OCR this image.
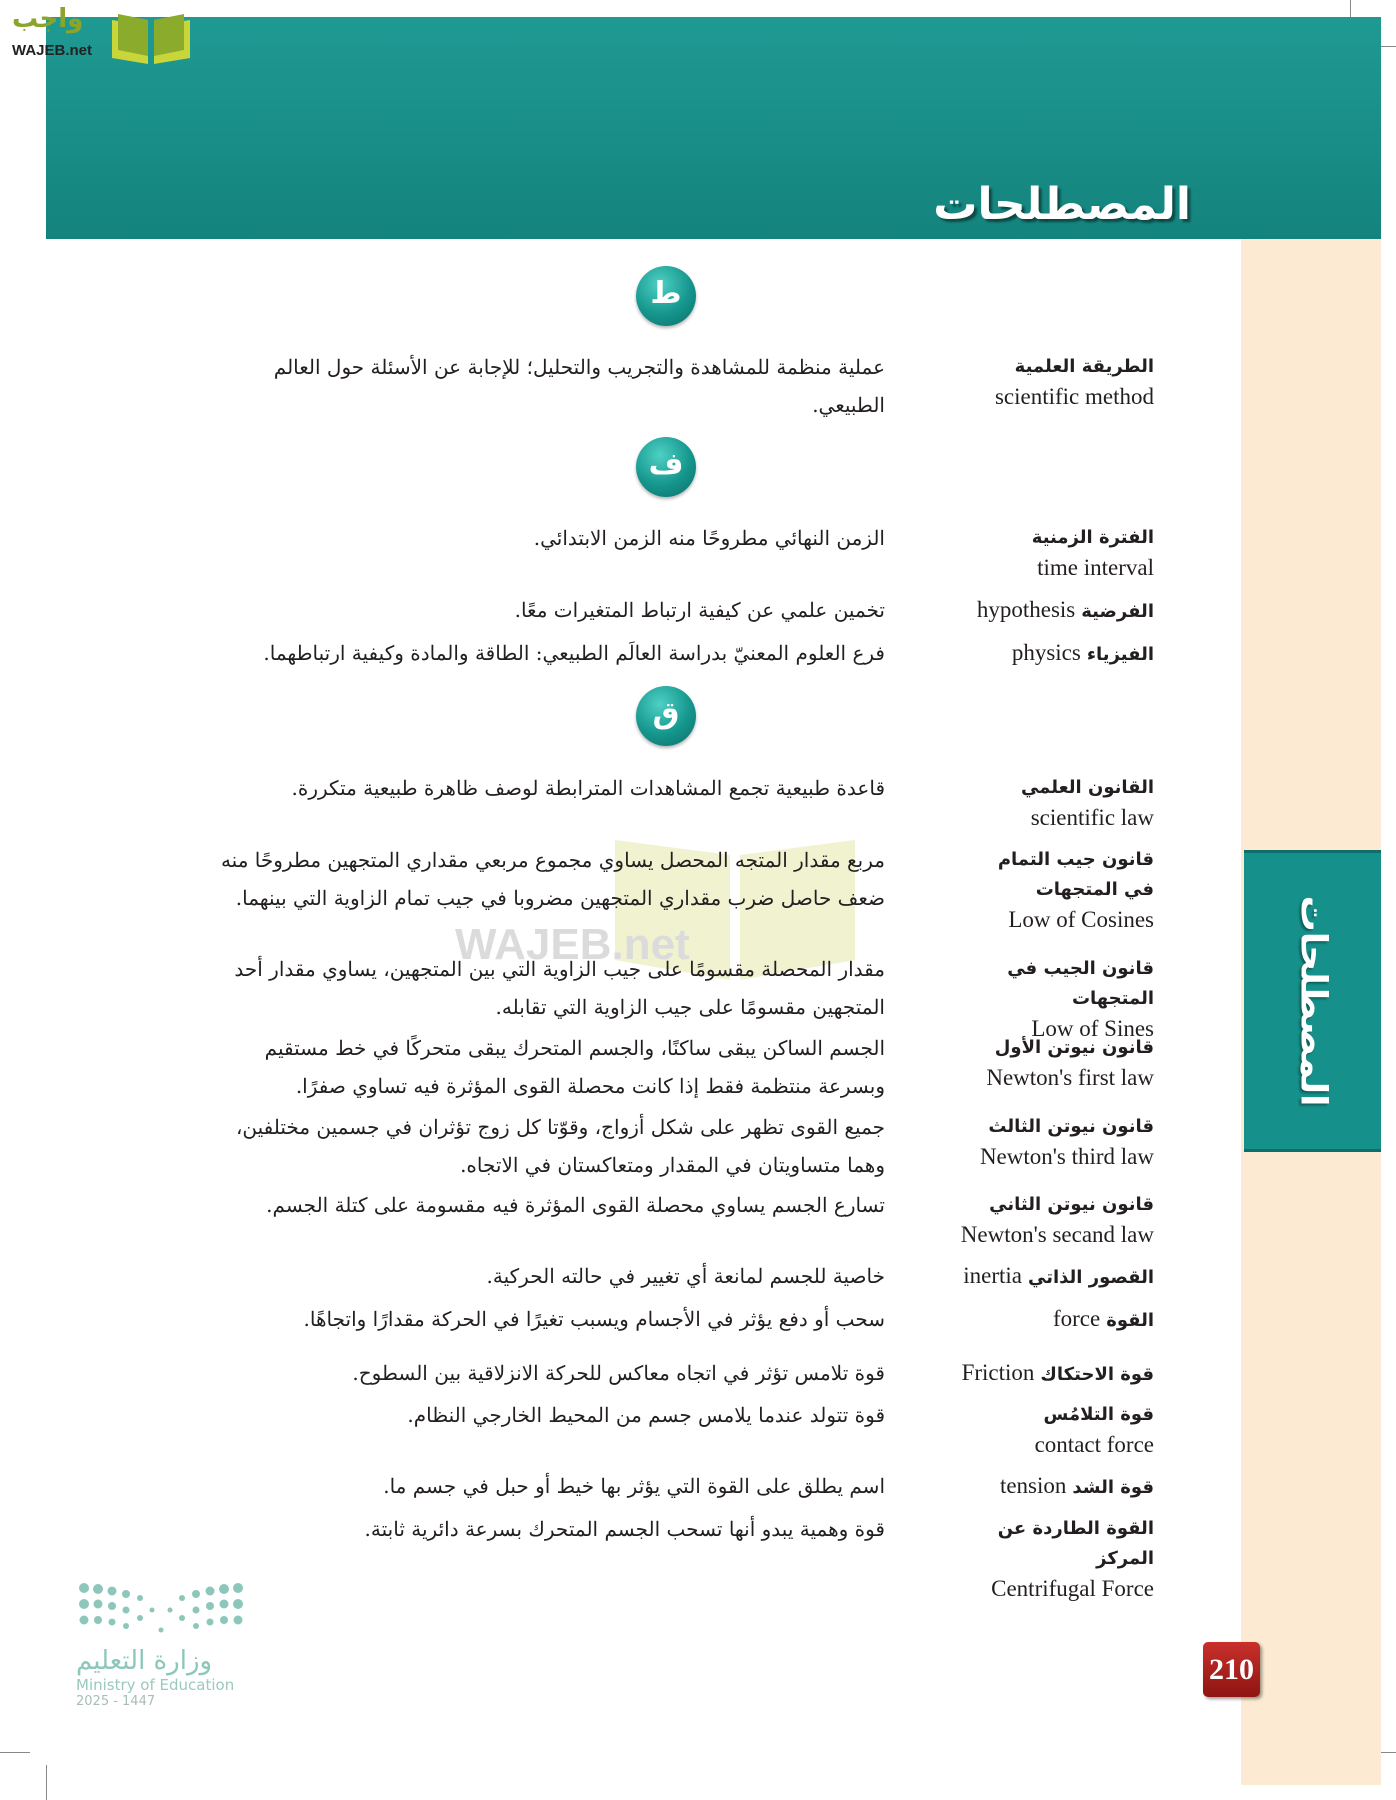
المصطلحات
واجب
WAJEB.net
المصطلحات
WAJEB.net
ط
ف
ق
الطريقة العلمية
scientific method
عملية منظمة للمشاهدة والتجريب والتحليل؛ للإجابة عن الأسئلة حول العالم
الطبيعي.
الفترة الزمنية
time interval
الزمن النهائي مطروحًا منه الزمن الابتدائي.
الفرضيةhypothesis
تخمين علمي عن كيفية ارتباط المتغيرات معًا.
الفيزياءphysics
فرع العلوم المعنيّ بدراسة العالَم الطبيعي: الطاقة والمادة وكيفية ارتباطهما.
القانون العلمي
scientific law
قاعدة طبيعية تجمع المشاهدات المترابطة لوصف ظاهرة طبيعية متكررة.
قانون جيب التمام في المتجهات
Low of Cosines
مربع مقدار المتجه المحصل يساوي مجموع مربعي مقداري المتجهين مطروحًا منه
ضعف حاصل ضرب مقداري المتجهين مضروبا في جيب تمام الزاوية التي بينهما.
قانون الجيب في المتجهات
Low of Sines
مقدار المحصلة مقسومًا على جيب الزاوية التي بين المتجهين، يساوي مقدار أحد
المتجهين مقسومًا على جيب الزاوية التي تقابله.
قانون نيوتن الأول
Newton's first law
الجسم الساكن يبقى ساكنًا، والجسم المتحرك يبقى متحركًا في خط مستقيم
وبسرعة منتظمة فقط إذا كانت محصلة القوى المؤثرة فيه تساوي صفرًا.
قانون نيوتن الثالث
Newton's third law
جميع القوى تظهر على شكل أزواج، وقوّتا كل زوج تؤثران في جسمين مختلفين،
وهما متساويتان في المقدار ومتعاكستان في الاتجاه.
قانون نيوتن الثاني
Newton's secand law
تسارع الجسم يساوي محصلة القوى المؤثرة فيه مقسومة على كتلة الجسم.
القصور الذاتيinertia
خاصية للجسم لمانعة أي تغيير في حالته الحركية.
القوةforce
سحب أو دفع يؤثر في الأجسام ويسبب تغيرًا في الحركة مقدارًا واتجاهًا.
قوة الاحتكاكFriction
قوة تلامس تؤثر في اتجاه معاكس للحركة الانزلاقية بين السطوح.
قوة التلامُس
contact force
قوة تتولد عندما يلامس جسم من المحيط الخارجي النظام.
قوة الشدtension
اسم يطلق على القوة التي يؤثر بها خيط أو حبل في جسم ما.
القوة الطاردة عن المركز
Centrifugal Force
قوة وهمية يبدو أنها تسحب الجسم المتحرك بسرعة دائرية ثابتة.
210
وزارة التعليم
Ministry of Education
2025 - 1447
